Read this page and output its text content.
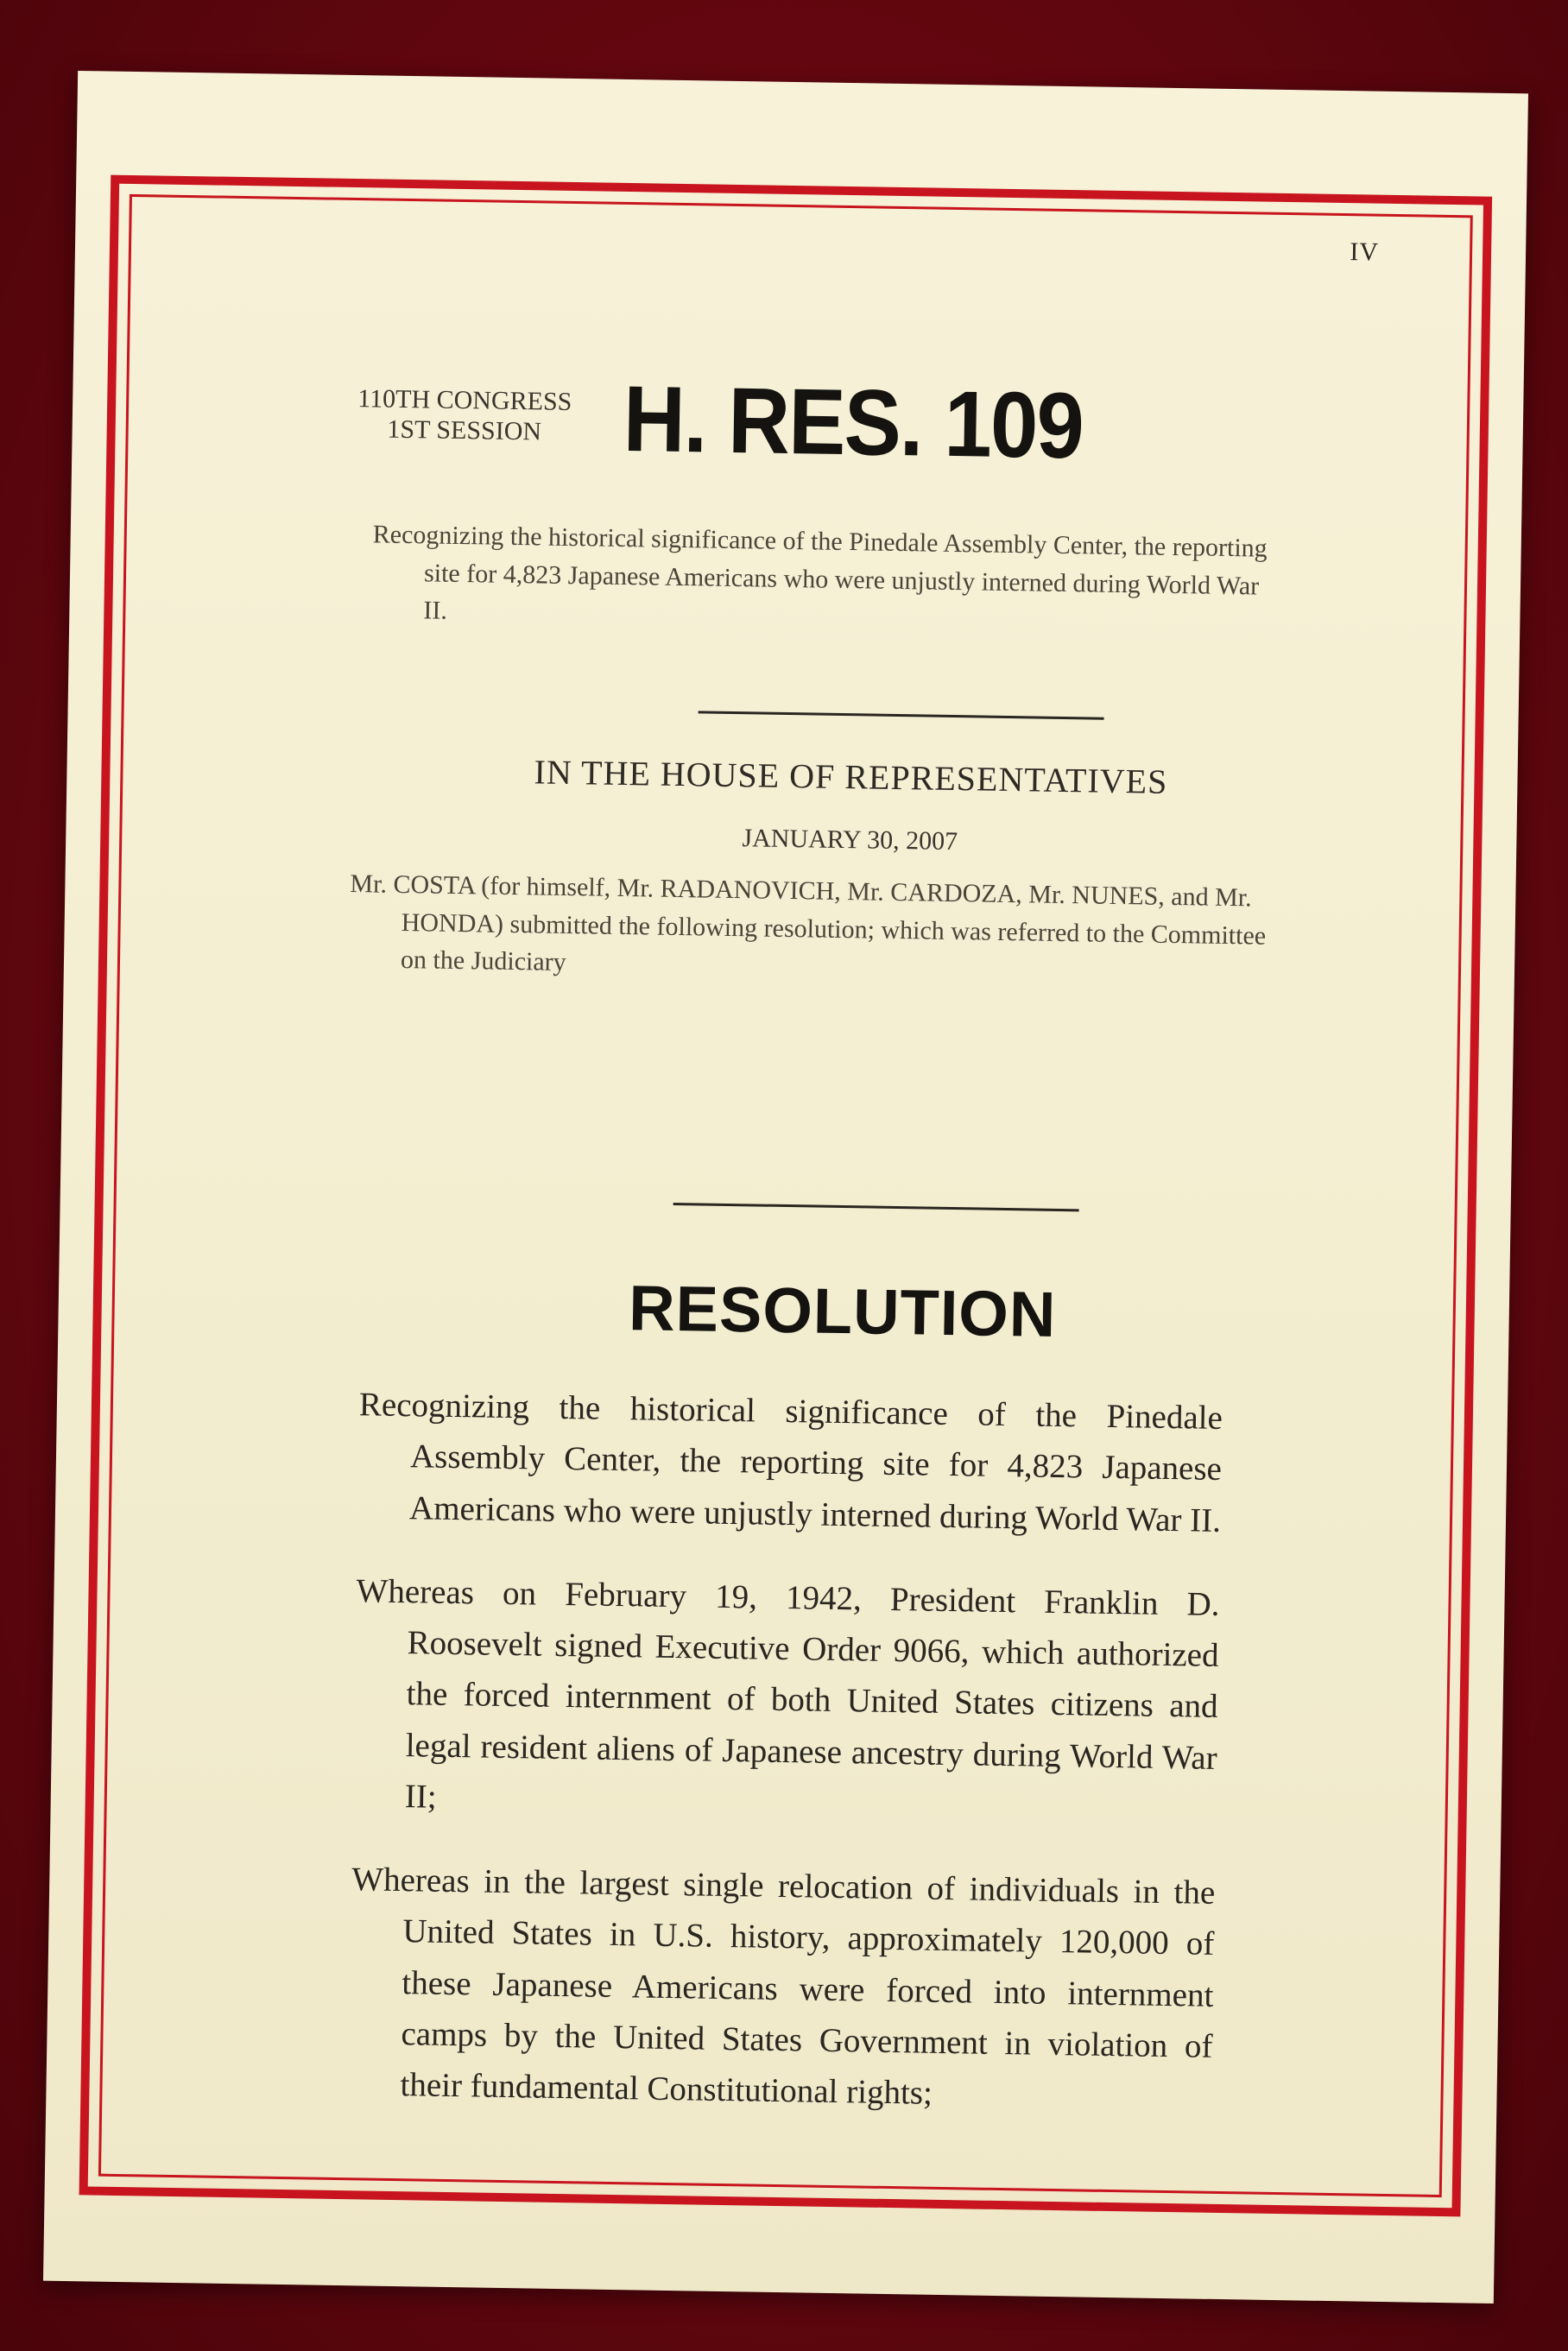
IV
110TH CONGRESS
1ST SESSION H. RES. 109
Recognizing the historical significance of the Pinedale Assembly Center, the reporting site for 4,823 Japanese Americans who were unjustly interned during World War II.
IN THE HOUSE OF REPRESENTATIVES
JANUARY 30, 2007
Mr. COSTA (for himself, Mr. RADANOVICH, Mr. CARDOZA, Mr. NUNES, and Mr. HONDA) submitted the following resolution; which was referred to the Committee on the Judiciary
RESOLUTION

Recognizing the historical significance of the Pinedale Assembly Center, the reporting site for 4,823 Japanese Americans who were unjustly interned during World War II.

Whereas on February 19, 1942, President Franklin D. Roosevelt signed Executive Order 9066, which authorized the forced internment of both United States citizens and legal resident aliens of Japanese ancestry during World War II;

Whereas in the largest single relocation of individuals in the United States in U.S. history, approximately 120,000 of these Japanese Americans were forced into internment camps by the United States Government in violation of their fundamental Constitutional rights;
